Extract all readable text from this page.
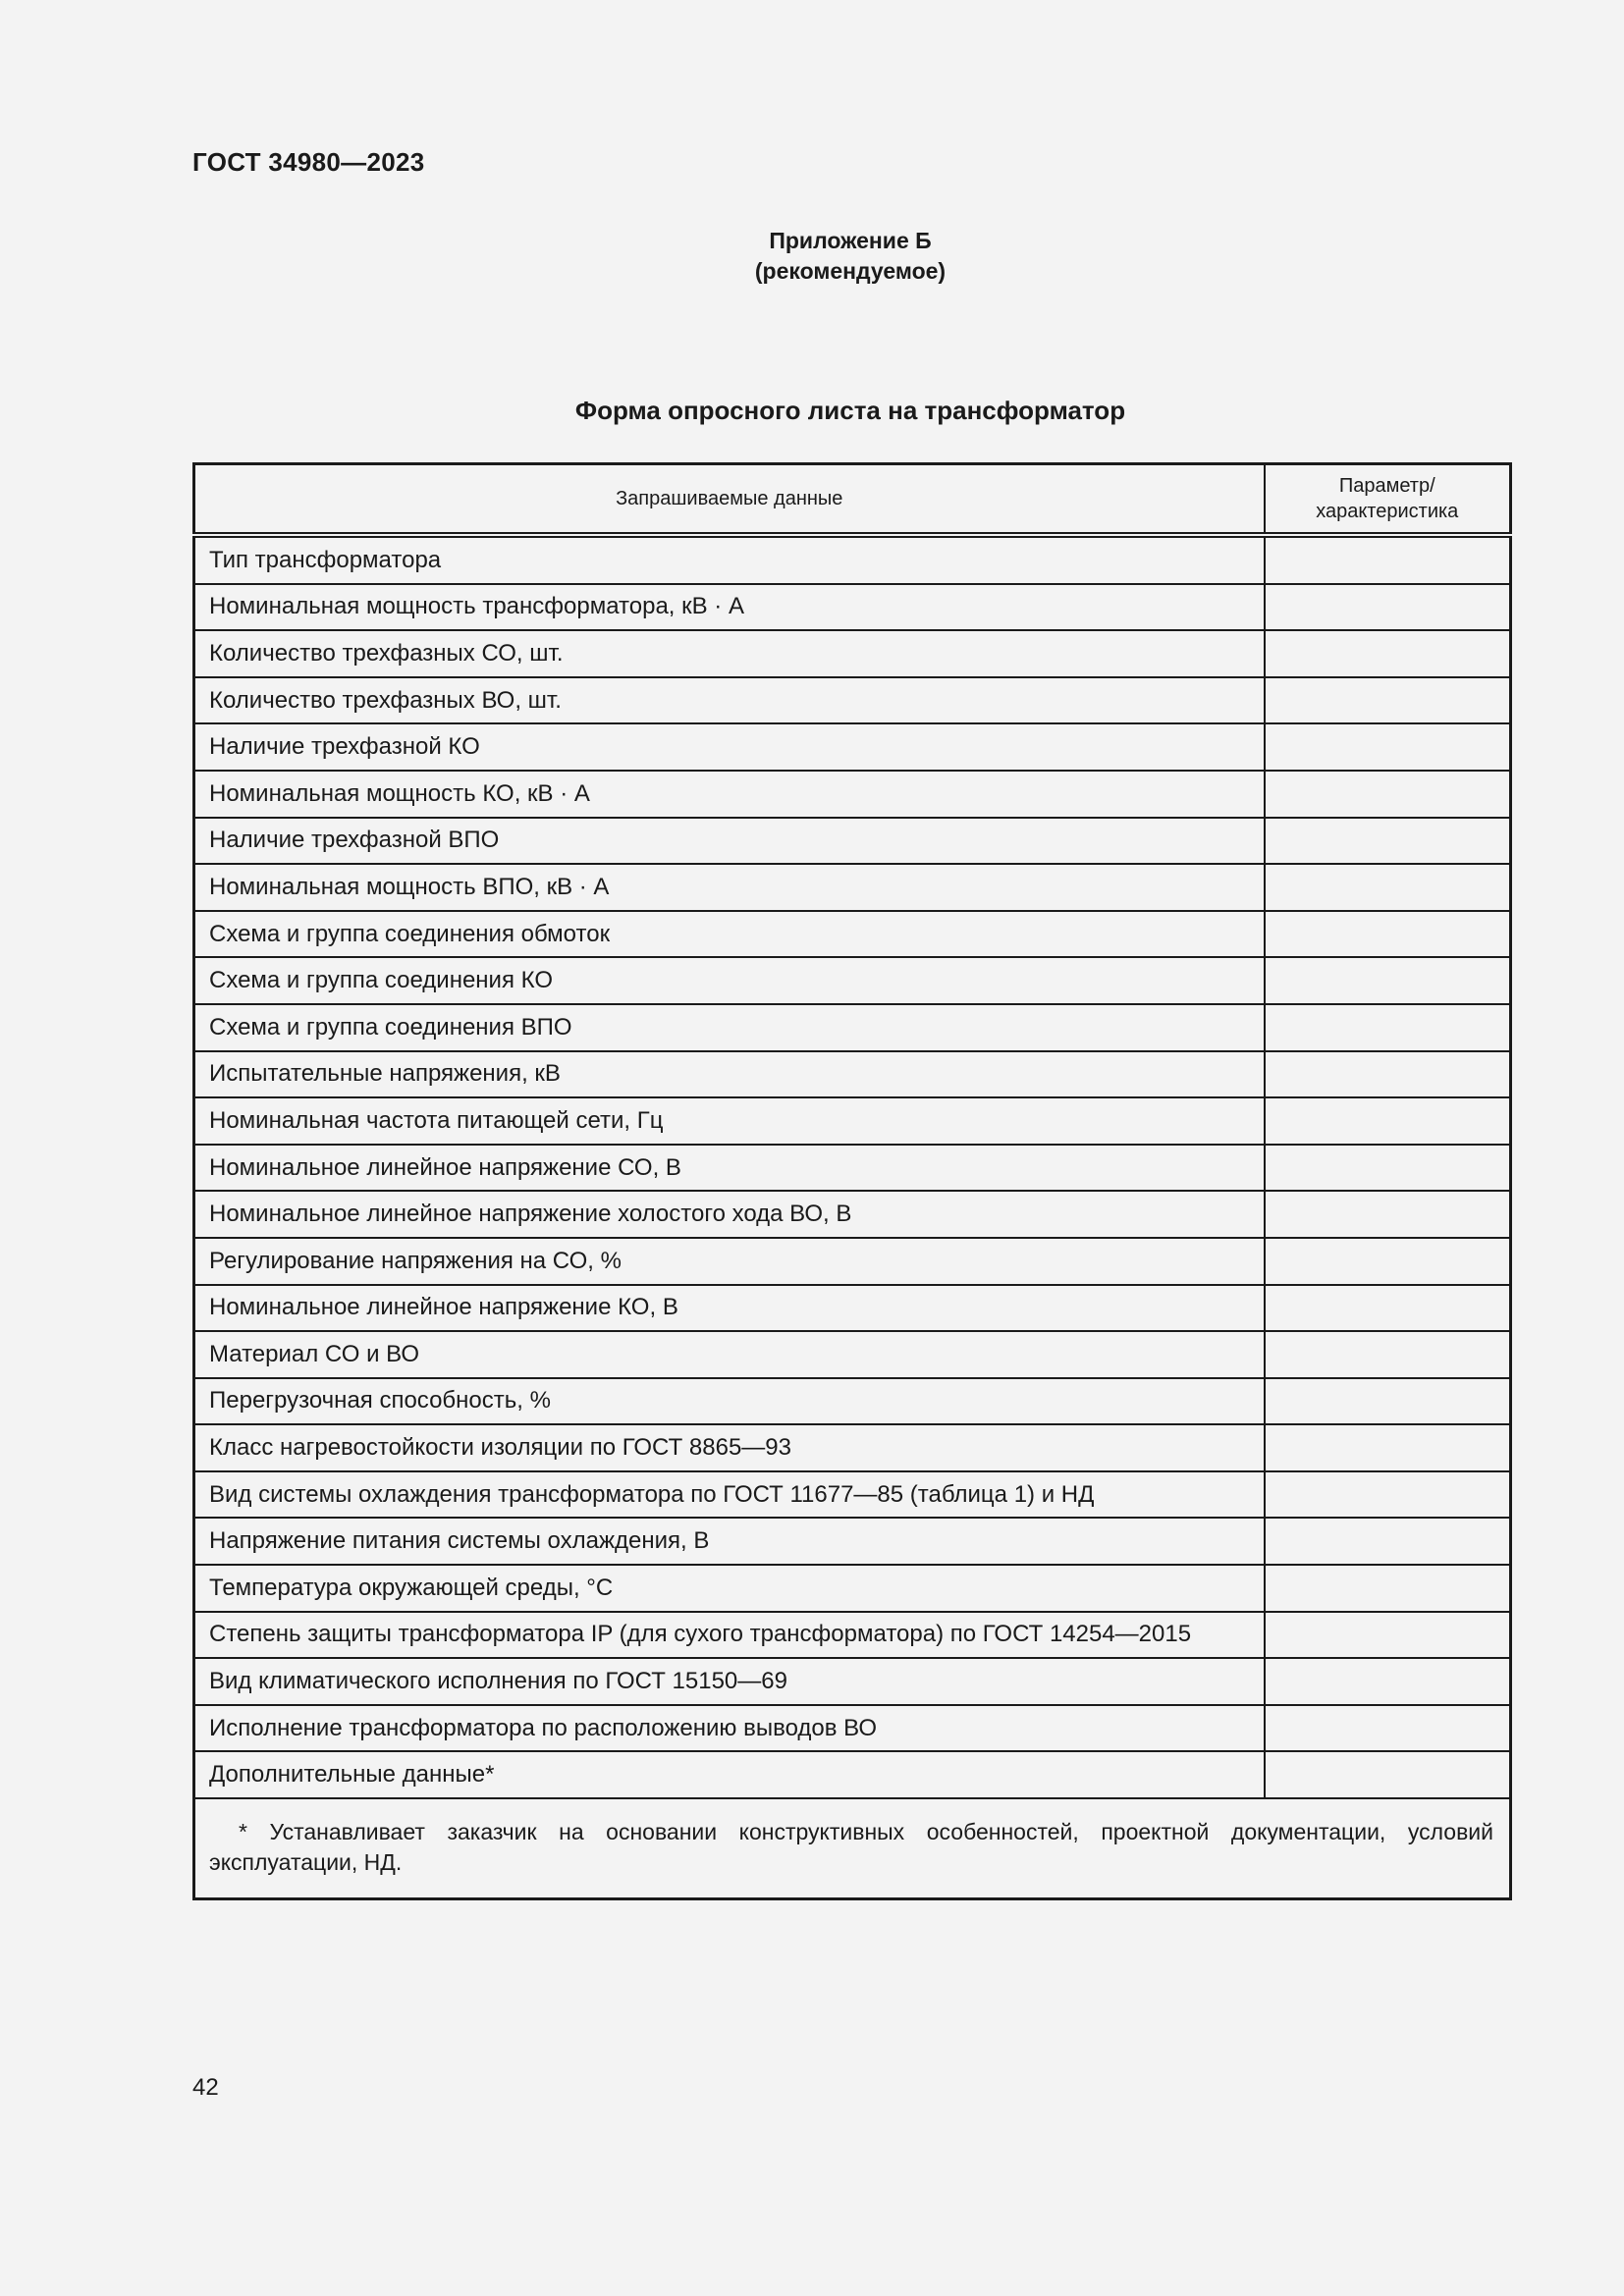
ГОСТ 34980—2023
Приложение Б
(рекомендуемое)
Форма опросного листа на трансформатор
Запрашиваемые данные	Параметр/
характеристика
Тип трансформатора	
Номинальная мощность трансформатора, кВ · А	
Количество трехфазных СО, шт.	
Количество трехфазных ВО, шт.	
Наличие трехфазной КО	
Номинальная мощность КО, кВ · А	
Наличие трехфазной ВПО	
Номинальная мощность ВПО, кВ · А	
Схема и группа соединения обмоток	
Схема и группа соединения КО	
Схема и группа соединения ВПО	
Испытательные напряжения, кВ	
Номинальная частота питающей сети, Гц	
Номинальное линейное напряжение СО, В	
Номинальное линейное напряжение холостого хода ВО, В	
Регулирование напряжения на СО, %	
Номинальное линейное напряжение КО, В	
Материал СО и ВО	
Перегрузочная способность, %	
Класс нагревостойкости изоляции по ГОСТ 8865—93	
Вид системы охлаждения трансформатора по ГОСТ 11677—85 (таблица 1) и НД	
Напряжение питания системы охлаждения, В	
Температура окружающей среды, °С	
Степень защиты трансформатора IP (для сухого трансформатора) по ГОСТ 14254—2015	
Вид климатического исполнения по ГОСТ 15150—69	
Исполнение трансформатора по расположению выводов ВО	
Дополнительные данные*	
* Устанавливает заказчик на основании конструктивных особенностей, проектной документации, условий эксплуатации, НД.	
42
